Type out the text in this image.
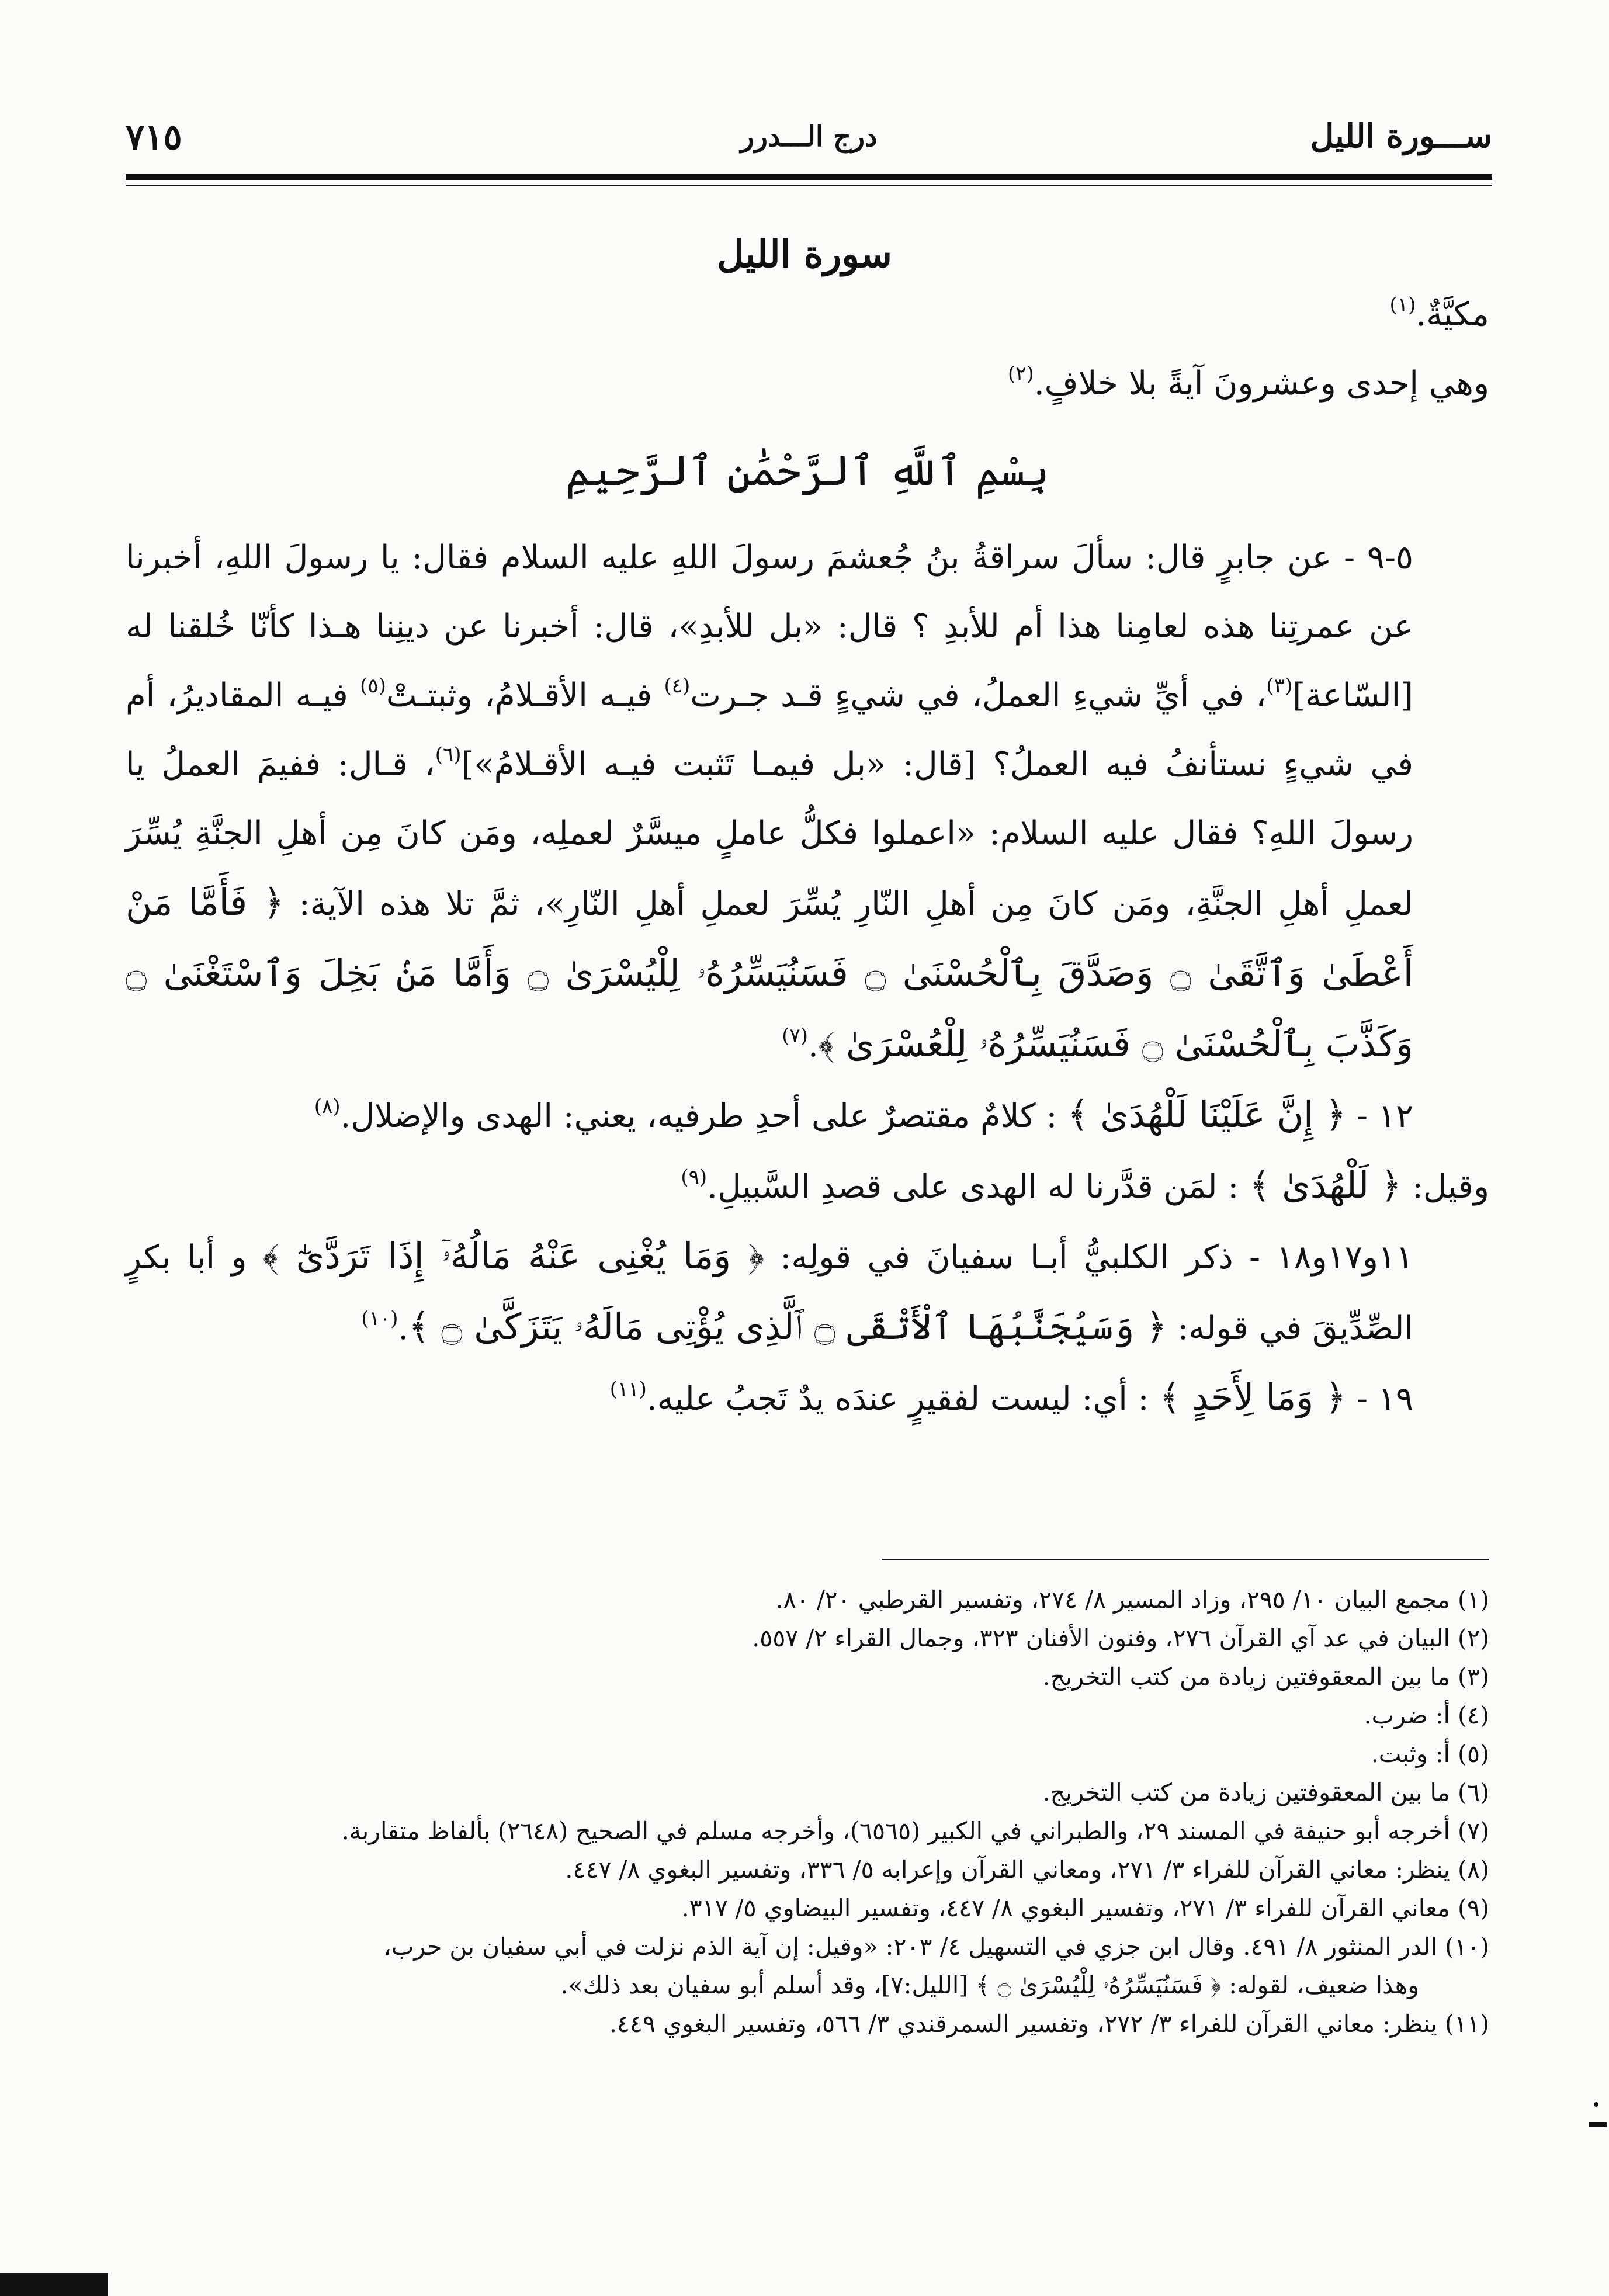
ســـورة الليل
درج الـــدرر
٧١٥
سورة الليل

مكيَّةٌ.$^{(١)}$

وهي إحدى وعشرونَ آيةً بلا خلافٍ.$^{(٢)}$

بِسْمِ ٱللَّهِ ٱلرَّحْمَٰنِ ٱلرَّحِيمِ

٥-٩ - عن جابرٍ قال: سألَ سراقةُ بنُ جُعشمَ رسولَ اللهِ عليه السلام فقال: يا رسولَ اللهِ، أخبرنا عن عمرتِنا هذه لعامِنا هذا أم للأبدِ ؟ قال: «بل للأبدِ»، قال: أخبرنا عن دينِنا هـذا كأنّا خُلقنا له [السّاعة]$^{(٣)}$، في أيِّ شيءِ العملُ، في شيءٍ قـد جـرت$^{(٤)}$ فيـه الأقـلامُ، وثبتـتْ$^{(٥)}$ فيـه المقاديرُ، أم في شيءٍ نستأنفُ فيه العملُ؟ [قال: «بل فيمـا تَثبت فيـه الأقـلامُ»]$^{(٦)}$، قـال: ففيمَ العملُ يا رسولَ اللهِ؟ فقال عليه السلام: «اعملوا فكلُّ عاملٍ ميسَّرٌ لعملِه، ومَن كانَ مِن أهلِ الجنَّةِ يُسِّرَ لعملِ أهلِ الجنَّةِ، ومَن كانَ مِن أهلِ النّارِ يُسِّرَ لعملِ أهلِ النّارِ»، ثمَّ تلا هذه الآية: ﴿ فَأَمَّا مَنْ أَعْطَىٰ وَٱتَّقَىٰ ۝ وَصَدَّقَ بِٱلْحُسْنَىٰ ۝ فَسَنُيَسِّرُهُۥ لِلْيُسْرَىٰ ۝ وَأَمَّا مَنۢ بَخِلَ وَٱسْتَغْنَىٰ ۝ وَكَذَّبَ بِٱلْحُسْنَىٰ ۝ فَسَنُيَسِّرُهُۥ لِلْعُسْرَىٰ ﴾.$^{(٧)}$

١٢ - ﴿ إِنَّ عَلَيْنَا لَلْهُدَىٰ ﴾ : كلامٌ مقتصرٌ على أحدِ طرفيه، يعني: الهدى والإضلال.$^{(٨)}$

وقيل: ﴿ لَلْهُدَىٰ ﴾ : لمَن قدَّرنا له الهدى على قصدِ السَّبيلِ.$^{(٩)}$

١١و١٧و١٨ - ذكر الكلبيُّ أبـا سفيانَ في قولِه: ﴿ وَمَا يُغْنِى عَنْهُ مَالُهُۥٓ إِذَا تَرَدَّىٰٓ ﴾ و أبا بكرٍ الصِّدِّيقَ في قوله: ﴿ وَسَيُجَنَّبُهَا ٱلْأَتْقَى ۝ ٱلَّذِى يُؤْتِى مَالَهُۥ يَتَزَكَّىٰ ۝ ﴾.$^{(١٠)}$

١٩ - ﴿ وَمَا لِأَحَدٍ ﴾ : أي: ليست لفقيرٍ عندَه يدٌ تَجبُ عليه.$^{(١١)}$

(١) مجمع البيان ١٠/ ٢٩٥، وزاد المسير ٨/ ٢٧٤، وتفسير القرطبي ٢٠/ ٨٠.
(٢) البيان في عد آي القرآن ٢٧٦، وفنون الأفنان ٣٢٣، وجمال القراء ٢/ ٥٥٧.
(٣) ما بين المعقوفتين زيادة من كتب التخريج.
(٤) أ: ضرب.
(٥) أ: وثبت.
(٦) ما بين المعقوفتين زيادة من كتب التخريج.
(٧) أخرجه أبو حنيفة في المسند ٢٩، والطبراني في الكبير (٦٥٦٥)، وأخرجه مسلم في الصحيح (٢٦٤٨) بألفاظ متقاربة.
(٨) ينظر: معاني القرآن للفراء ٣/ ٢٧١، ومعاني القرآن وإعرابه ٥/ ٣٣٦، وتفسير البغوي ٨/ ٤٤٧.
(٩) معاني القرآن للفراء ٣/ ٢٧١، وتفسير البغوي ٨/ ٤٤٧، وتفسير البيضاوي ٥/ ٣١٧.
(١٠) الدر المنثور ٨/ ٤٩١. وقال ابن جزي في التسهيل ٤/ ٢٠٣: «وقيل: إن آية الذم نزلت في أبي سفيان بن حرب،
وهذا ضعيف، لقوله: ﴿ فَسَنُيَسِّرُهُۥ لِلْيُسْرَىٰ ۝ ﴾ [الليل:٧]، وقد أسلم أبو سفيان بعد ذلك».
(١١) ينظر: معاني القرآن للفراء ٣/ ٢٧٢، وتفسير السمرقندي ٣/ ٥٦٦، وتفسير البغوي ٤٤٩.
